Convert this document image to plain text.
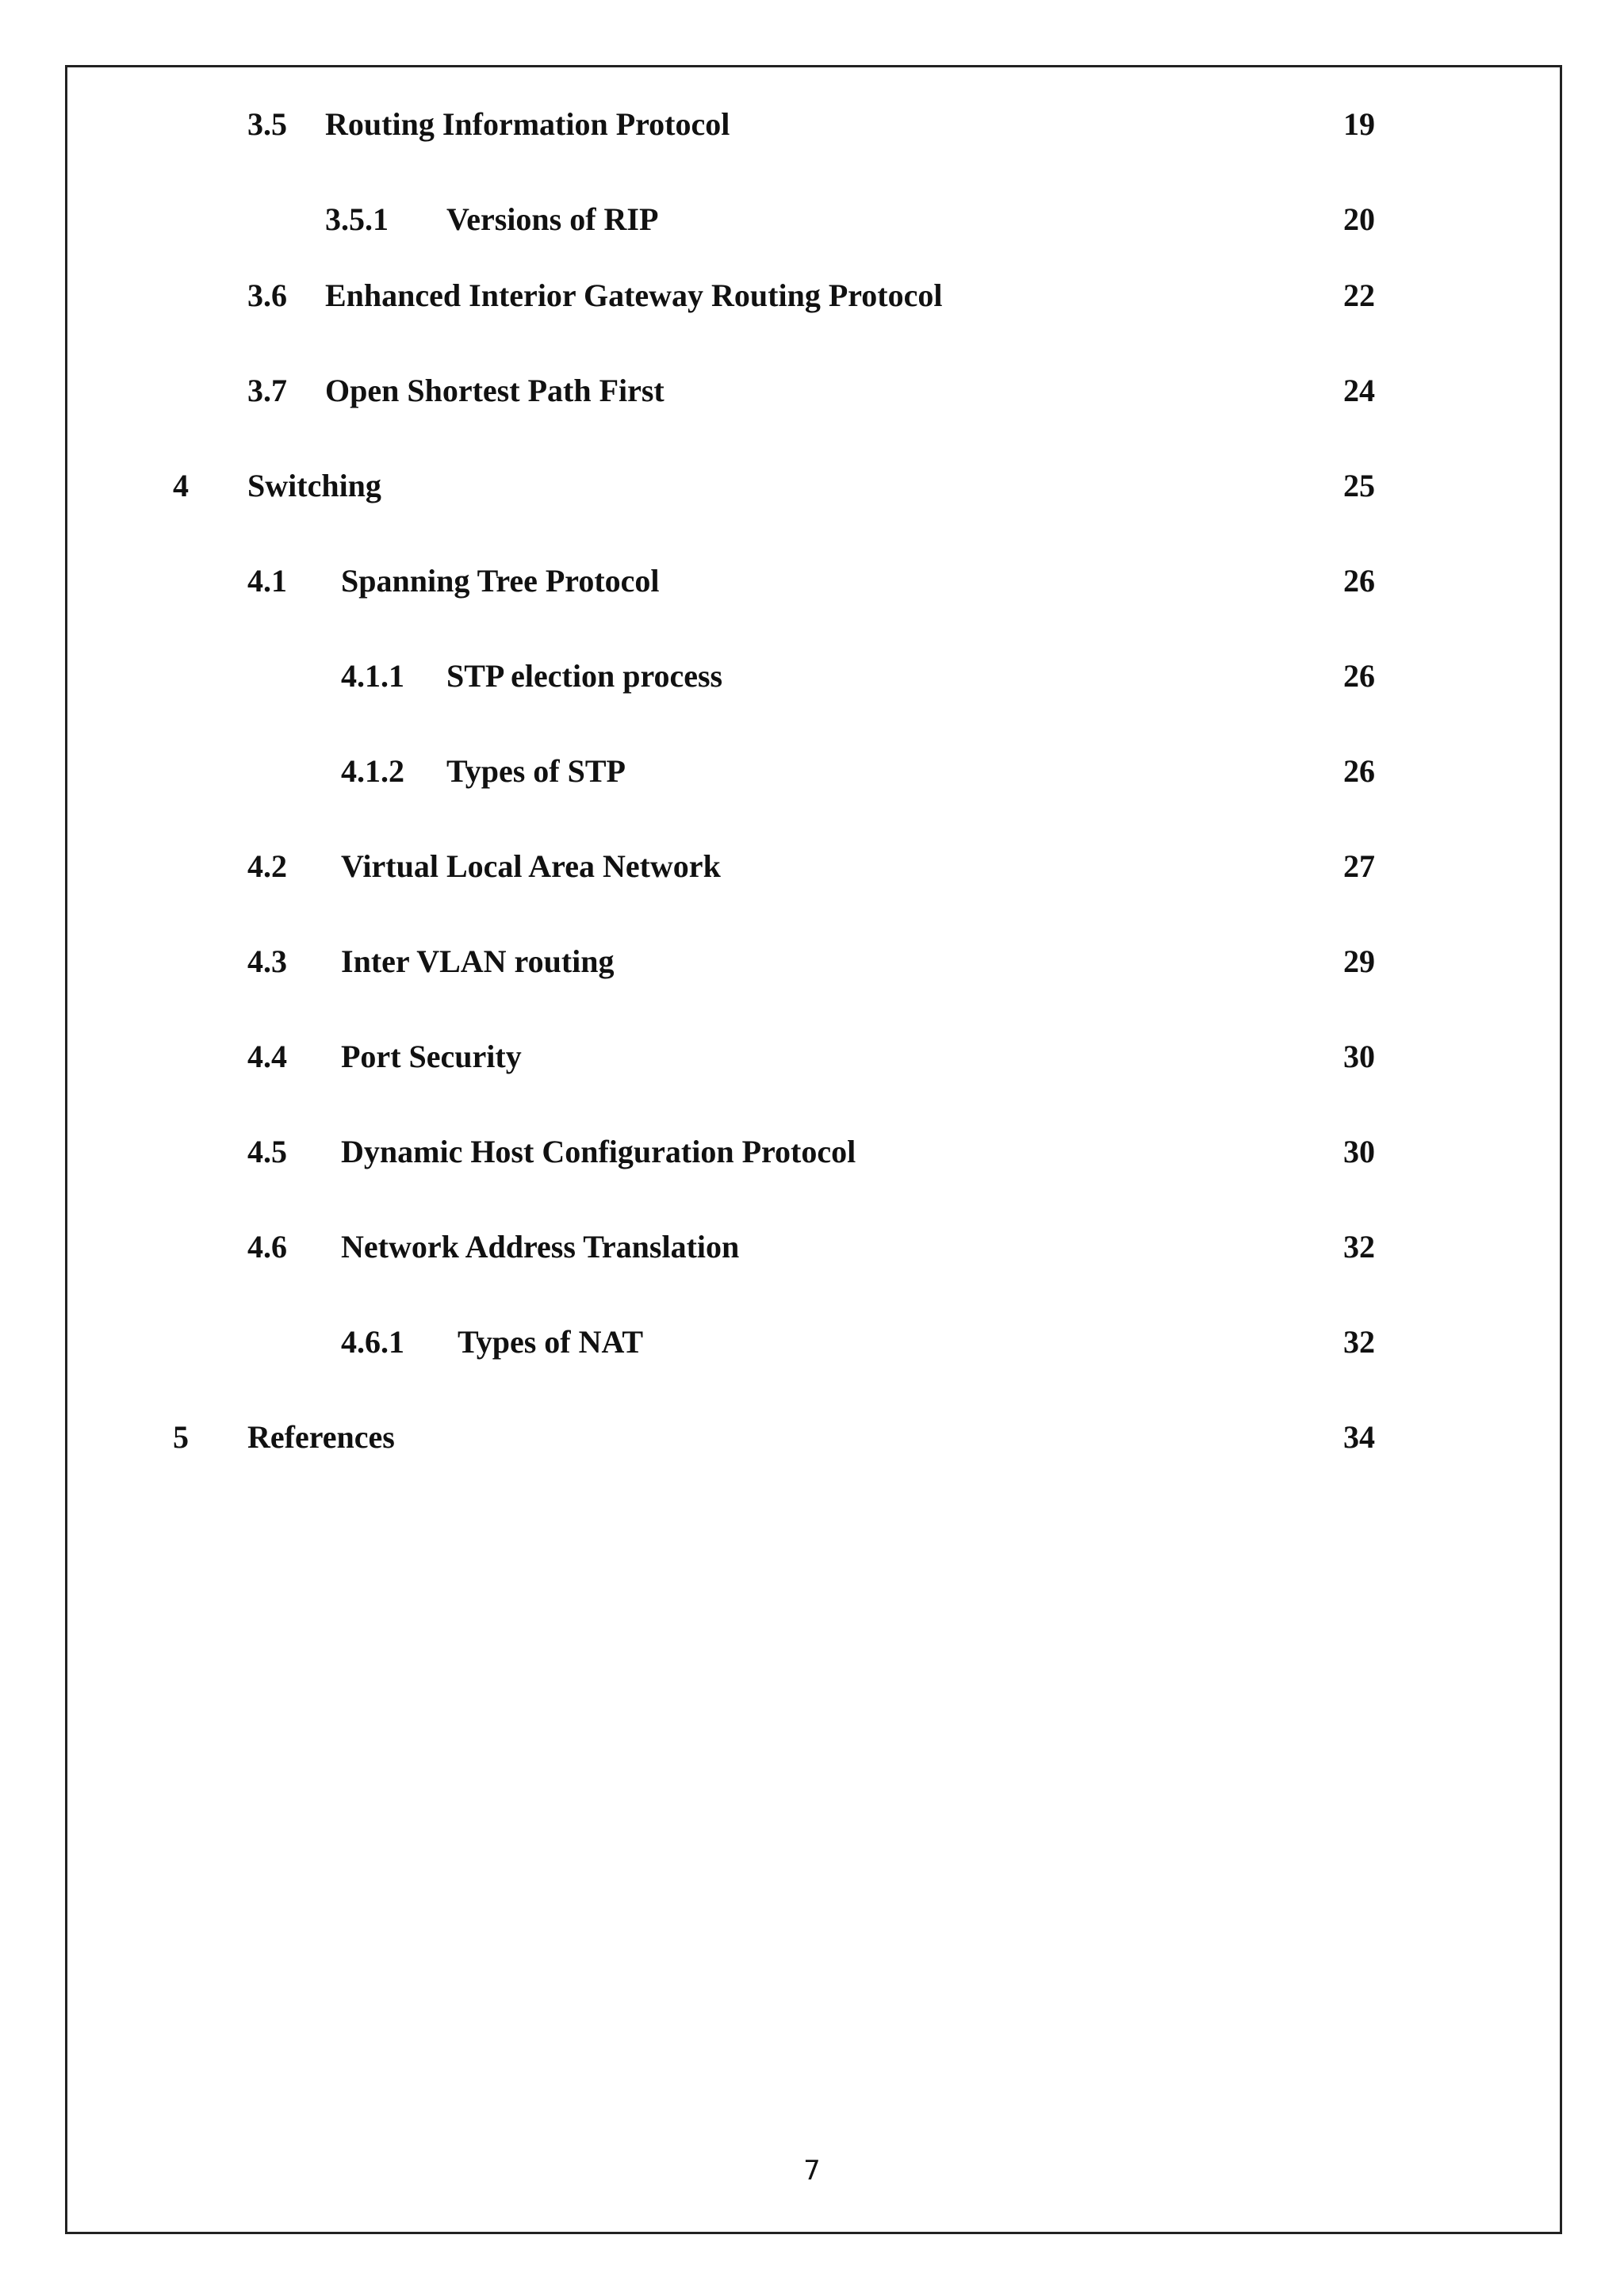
3.5 Routing Information Protocol	19
3.5.1 Versions of RIP	20
3.6 Enhanced Interior Gateway Routing Protocol	22
3.7 Open Shortest Path First	24
4 Switching	25
4.1 Spanning Tree Protocol	26
4.1.1 STP election process	26
4.1.2 Types of STP	26
4.2 Virtual Local Area Network	27
4.3 Inter VLAN routing	29
4.4 Port Security	30
4.5 Dynamic Host Configuration Protocol	30
4.6 Network Address Translation	32
4.6.1 Types of NAT	32
5 References	34
7
